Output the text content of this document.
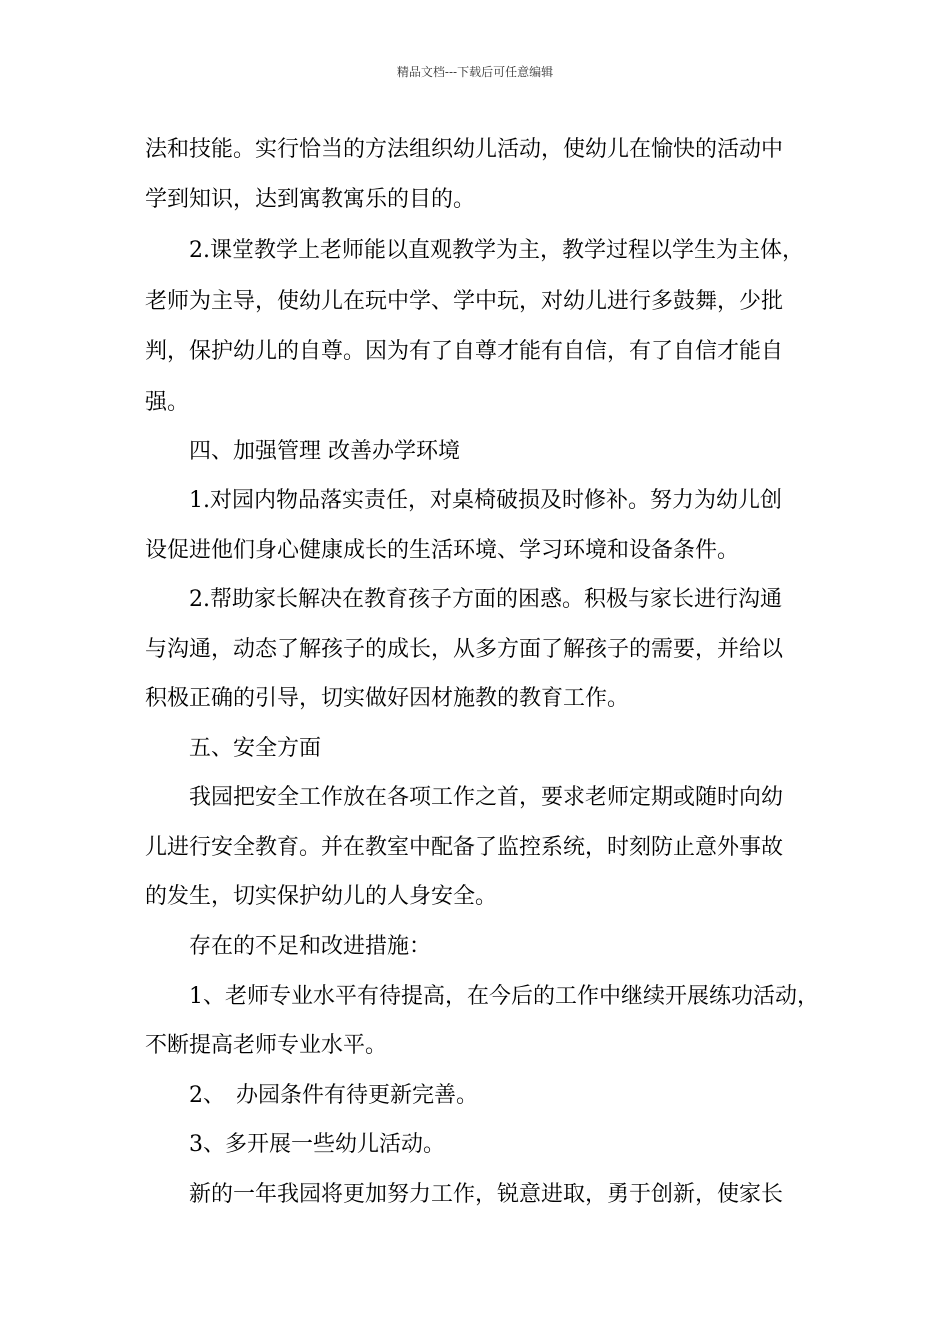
精品文档---下载后可任意编辑

法和技能。实行恰当的方法组织幼儿活动，使幼儿在愉快的活动中

学到知识，达到寓教寓乐的目的。

2.课堂教学上老师能以直观教学为主，教学过程以学生为主体，

老师为主导，使幼儿在玩中学、学中玩，对幼儿进行多鼓舞，少批

判，保护幼儿的自尊。因为有了自尊才能有自信，有了自信才能自

强。

四、加强管理 改善办学环境

1.对园内物品落实责任，对桌椅破损及时修补。努力为幼儿创

设促进他们身心健康成长的生活环境、学习环境和设备条件。

2.帮助家长解决在教育孩子方面的困惑。积极与家长进行沟通

与沟通，动态了解孩子的成长，从多方面了解孩子的需要，并给以

积极正确的引导，切实做好因材施教的教育工作。

五、安全方面

我园把安全工作放在各项工作之首，要求老师定期或随时向幼

儿进行安全教育。并在教室中配备了监控系统，时刻防止意外事故

的发生，切实保护幼儿的人身安全。

存在的不足和改进措施：

1、老师专业水平有待提高，在今后的工作中继续开展练功活动，

不断提高老师专业水平。

2、　办园条件有待更新完善。

3、多开展一些幼儿活动。

新的一年我园将更加努力工作，锐意进取，勇于创新，使家长
